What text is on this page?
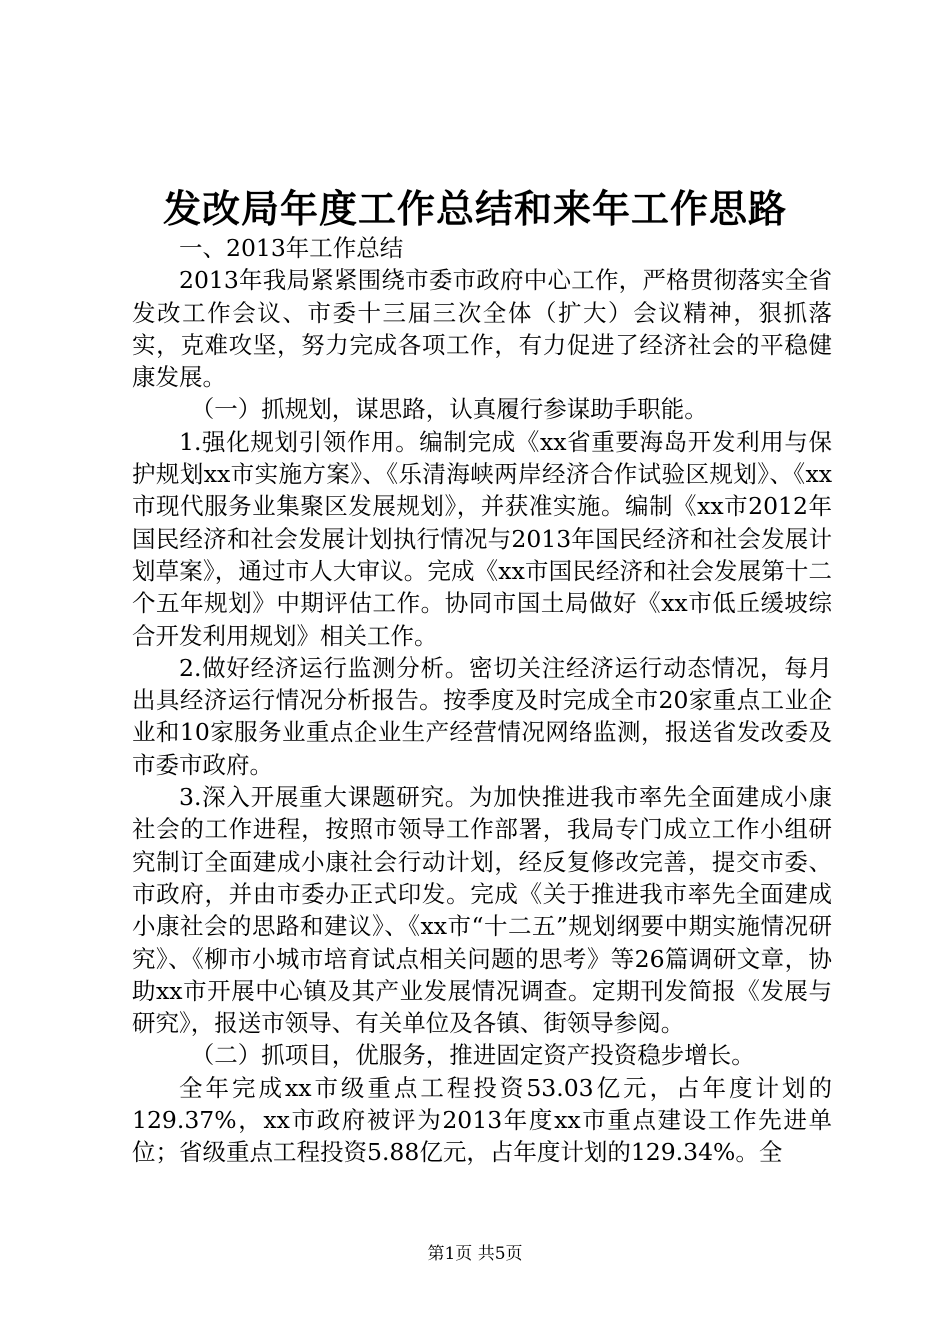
发改局年度工作总结和来年工作思路

一、2013年工作总结

2013年我局紧紧围绕市委市政府中心工作，严格贯彻落实全省发改工作会议、市委十三届三次全体（扩大）会议精神，狠抓落实，克难攻坚，努力完成各项工作，有力促进了经济社会的平稳健康发展。

（一）抓规划，谋思路，认真履行参谋助手职能。

1.强化规划引领作用。编制完成《xx省重要海岛开发利用与保护规划xx市实施方案》、《乐清海峡两岸经济合作试验区规划》、《xx市现代服务业集聚区发展规划》，并获准实施。编制《xx市2012年国民经济和社会发展计划执行情况与2013年国民经济和社会发展计划草案》，通过市人大审议。完成《xx市国民经济和社会发展第十二个五年规划》中期评估工作。协同市国土局做好《xx市低丘缓坡综合开发利用规划》相关工作。

2.做好经济运行监测分析。密切关注经济运行动态情况，每月出具经济运行情况分析报告。按季度及时完成全市20家重点工业企业和10家服务业重点企业生产经营情况网络监测，报送省发改委及市委市政府。

3.深入开展重大课题研究。为加快推进我市率先全面建成小康社会的工作进程，按照市领导工作部署，我局专门成立工作小组研究制订全面建成小康社会行动计划，经反复修改完善，提交市委、市政府，并由市委办正式印发。完成《关于推进我市率先全面建成小康社会的思路和建议》、《xx市“十二五”规划纲要中期实施情况研究》、《柳市小城市培育试点相关问题的思考》等26篇调研文章，协助xx市开展中心镇及其产业发展情况调查。定期刊发简报《发展与研究》，报送市领导、有关单位及各镇、街领导参阅。

（二）抓项目，优服务，推进固定资产投资稳步增长。

全年完成xx市级重点工程投资53.03亿元，占年度计划的129.37%，xx市政府被评为2013年度xx市重点建设工作先进单位；省级重点工程投资5.88亿元，占年度计划的129.34%。全

第1页 共5页
